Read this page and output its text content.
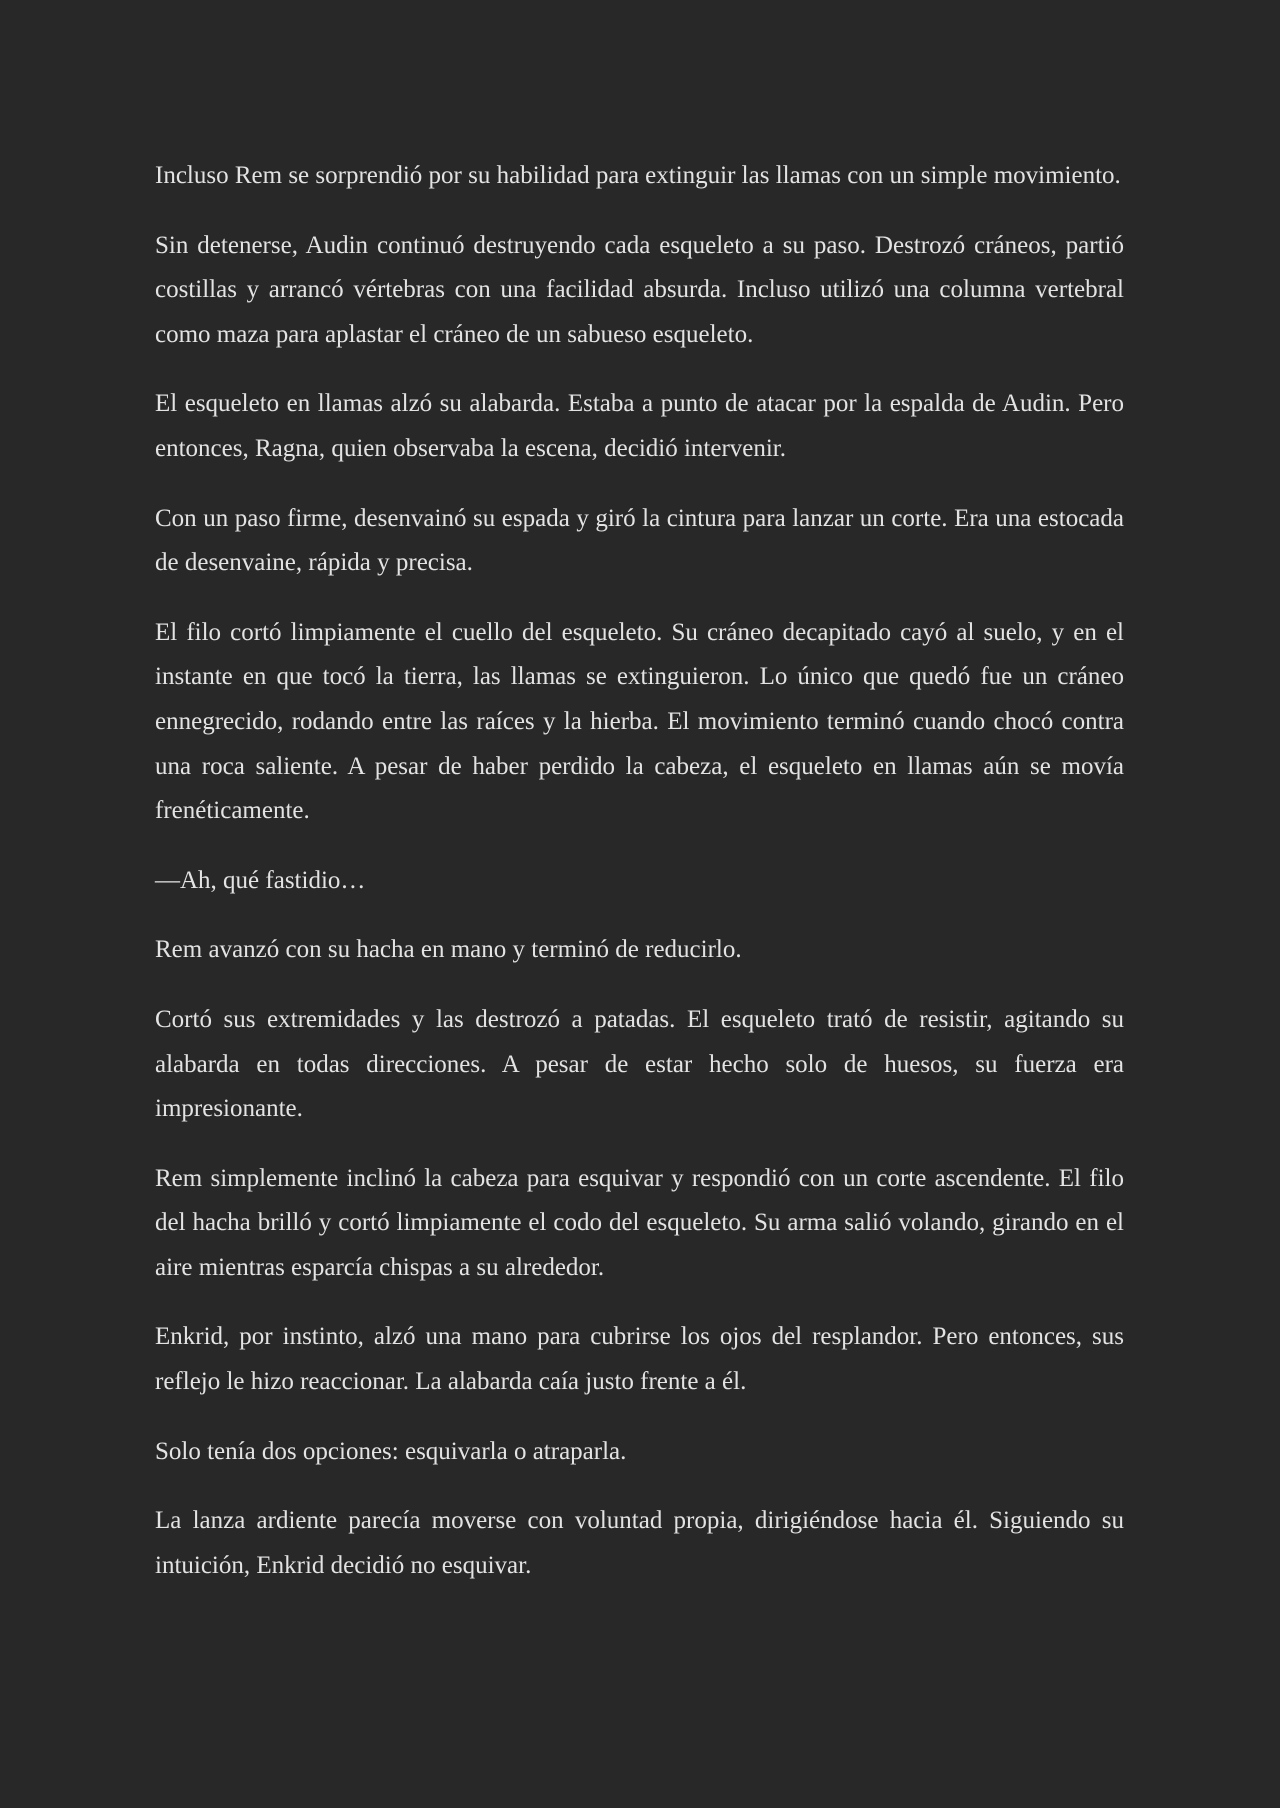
Incluso Rem se sorprendió por su habilidad para extinguir las llamas con un simple movimiento.

Sin detenerse, Audin continuó destruyendo cada esqueleto a su paso. Destrozó cráneos, partió costillas y arrancó vértebras con una facilidad absurda. Incluso utilizó una columna vertebral como maza para aplastar el cráneo de un sabueso esqueleto.

El esqueleto en llamas alzó su alabarda. Estaba a punto de atacar por la espalda de Audin. Pero entonces, Ragna, quien observaba la escena, decidió intervenir.

Con un paso firme, desenvainó su espada y giró la cintura para lanzar un corte. Era una estocada de desenvaine, rápida y precisa.

El filo cortó limpiamente el cuello del esqueleto. Su cráneo decapitado cayó al suelo, y en el instante en que tocó la tierra, las llamas se extinguieron. Lo único que quedó fue un cráneo ennegrecido, rodando entre las raíces y la hierba. El movimiento terminó cuando chocó contra una roca saliente. A pesar de haber perdido la cabeza, el esqueleto en llamas aún se movía frenéticamente.

—Ah, qué fastidio…

Rem avanzó con su hacha en mano y terminó de reducirlo.

Cortó sus extremidades y las destrozó a patadas. El esqueleto trató de resistir, agitando su alabarda en todas direcciones. A pesar de estar hecho solo de huesos, su fuerza era impresionante.

Rem simplemente inclinó la cabeza para esquivar y respondió con un corte ascendente. El filo del hacha brilló y cortó limpiamente el codo del esqueleto. Su arma salió volando, girando en el aire mientras esparcía chispas a su alrededor.

Enkrid, por instinto, alzó una mano para cubrirse los ojos del resplandor. Pero entonces, sus reflejo le hizo reaccionar. La alabarda caía justo frente a él.

Solo tenía dos opciones: esquivarla o atraparla.

La lanza ardiente parecía moverse con voluntad propia, dirigiéndose hacia él. Siguiendo su intuición, Enkrid decidió no esquivar.
